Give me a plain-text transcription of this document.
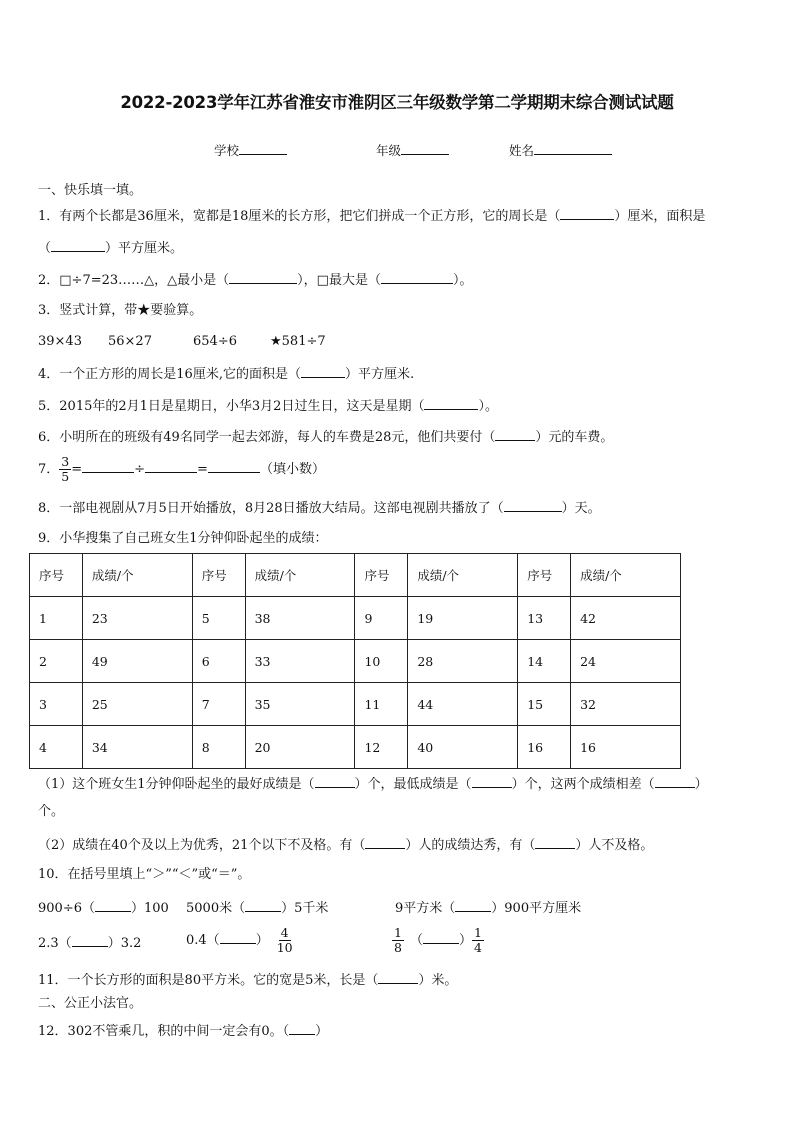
2022-2023学年江苏省淮安市淮阴区三年级数学第二学期期末综合测试试题
学校	年级	姓名
一、快乐填一填。
1．有两个长都是36厘米，宽都是18厘米的长方形，把它们拼成一个正方形，它的周长是（	）厘米，面积是
（	）平方厘米。
2．□÷7=23……△，△最小是（	），□最大是（	）。
3．竖式计算，带★要验算。
39×43 56×27	654÷6	★581÷7
4．一个正方形的周长是16厘米,它的面积是（	）平方厘米.
5．2015年的2月1日是星期日，小华3月2日过生日，这天是星期（	）。
6．小明所在的班级有49名同学一起去郊游，每人的车费是28元，他们共要付（	）元的车费。
7． $\frac{3}{5}$ =	÷	=	（填小数）
8．一部电视剧从7月5日开始播放，8月28日播放大结局。这部电视剧共播放了（	）天。
9．小华搜集了自己班女生1分钟仰卧起坐的成绩：
序号	成绩/个	序号	成绩/个	序号	成绩/个	序号	成绩/个
1	23	5	38	9	19	13	42
2	49	6	33	10	28	14	24
3	25	7	35	11	44	15	32
4	34	8	20	12	40	16	16
（1）这个班女生1分钟仰卧起坐的最好成绩是（	）个，最低成绩是（	）个，这两个成绩相差（	）
个。
（2）成绩在40个及以上为优秀，21个以下不及格。有（	）人的成绩达秀，有（	）人不及格。
10．在括号里填上“＞”“＜”或“＝”。
900÷6（	）100 5000米（	）5千米	9平方米（	）900平方厘米
2.3（	）3.2	0.4（	） $\frac{4}{10}$	$\frac{1}{8}$ （	） $\frac{1}{4}$
11．一个长方形的面积是80平方米。它的宽是5米，长是（	）米。
二、公正小法官。
12．302不管乘几，积的中间一定会有0。（ ）
